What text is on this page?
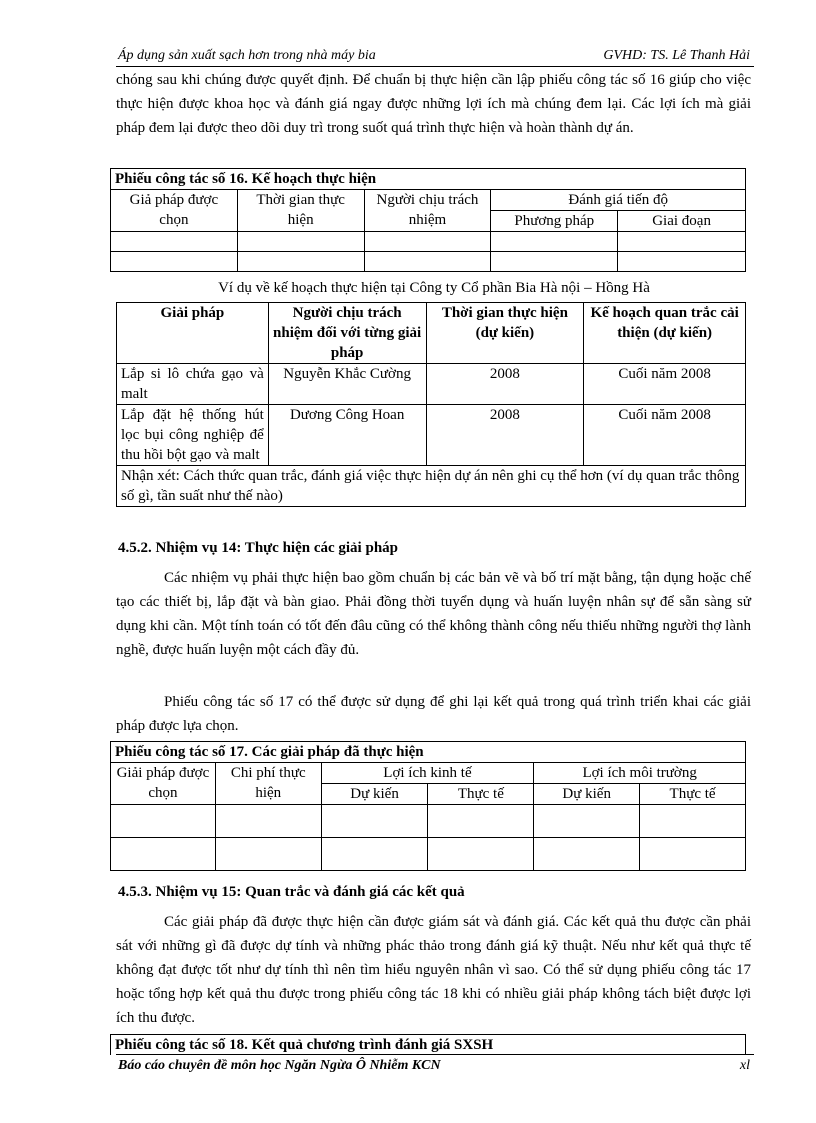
Áp dụng sản xuất sạch hơn trong nhà máy bia	GVHD: TS. Lê Thanh Hải
chóng sau khi chúng được quyết định. Để chuẩn bị thực hiện cần lập phiếu công tác số 16 giúp cho việc thực hiện được khoa học và đánh giá ngay được những lợi ích mà chúng đem lại. Các lợi ích mà giải pháp đem lại được theo dõi duy trì trong suốt quá trình thực hiện và hoàn thành dự án.
Phiếu công tác số 16. Kế hoạch thực hiện				
Giả pháp được chọn	Thời gian thực hiện	Người chịu trách nhiệm	Đánh giá tiến độ	
			Phương pháp	Giai đoạn

Ví dụ về kế hoạch thực hiện tại Công ty Cổ phần Bia Hà nội – Hồng Hà
Giải pháp	Người chịu trách nhiệm đối với từng giải pháp	Thời gian thực hiện (dự kiến)	Kế hoạch quan trắc cải thiện (dự kiến)
Lắp si lô chứa gạo và malt	Nguyễn Khắc Cường	2008	Cuối năm 2008
Lắp đặt hệ thống hút lọc bụi công nghiệp để thu hồi bột gạo và malt	Dương Công Hoan	2008	Cuối năm 2008
Nhận xét: Cách thức quan trắc, đánh giá việc thực hiện dự án nên ghi cụ thể hơn (ví dụ quan trắc thông số gì, tần suất như thế nào)			
4.5.2. Nhiệm vụ 14: Thực hiện các giải pháp
Các nhiệm vụ phải thực hiện bao gồm chuẩn bị các bản vẽ và bố trí mặt bằng, tận dụng hoặc chế tạo các thiết bị, lắp đặt và bàn giao. Phải đồng thời tuyển dụng và huấn luyện nhân sự để sẵn sàng sử dụng khi cần. Một tính toán có tốt đến đâu cũng có thể không thành công nếu thiếu những người thợ lành nghề, được huấn luyện một cách đầy đủ.
Phiếu công tác số 17 có thể được sử dụng để ghi lại kết quả trong quá trình triển khai các giải pháp được lựa chọn.
Phiếu công tác số 17. Các giải pháp đã thực hiện					
Giải pháp được chọn	Chi phí thực hiện	Lợi ích kinh tế		Lợi ích môi trường	
		Dự kiến	Thực tế	Dự kiến	Thực tế

4.5.3. Nhiệm vụ 15: Quan trắc và đánh giá các kết quả
Các giải pháp đã được thực hiện cần được giám sát và đánh giá. Các kết quả thu được cần phải sát với những gì đã được dự tính và những phác thảo trong đánh giá kỹ thuật. Nếu như kết quả thực tế không đạt được tốt như dự tính thì nên tìm hiểu nguyên nhân vì sao. Có thể sử dụng phiếu công tác 17 hoặc tổng hợp kết quả thu được trong phiếu công tác 18 khi có nhiều giải pháp không tách biệt được lợi ích thu được.
Phiếu công tác số 18. Kết quả chương trình đánh giá SXSH
Báo cáo chuyên đề môn học Ngăn Ngừa Ô Nhiễm KCN	xl
